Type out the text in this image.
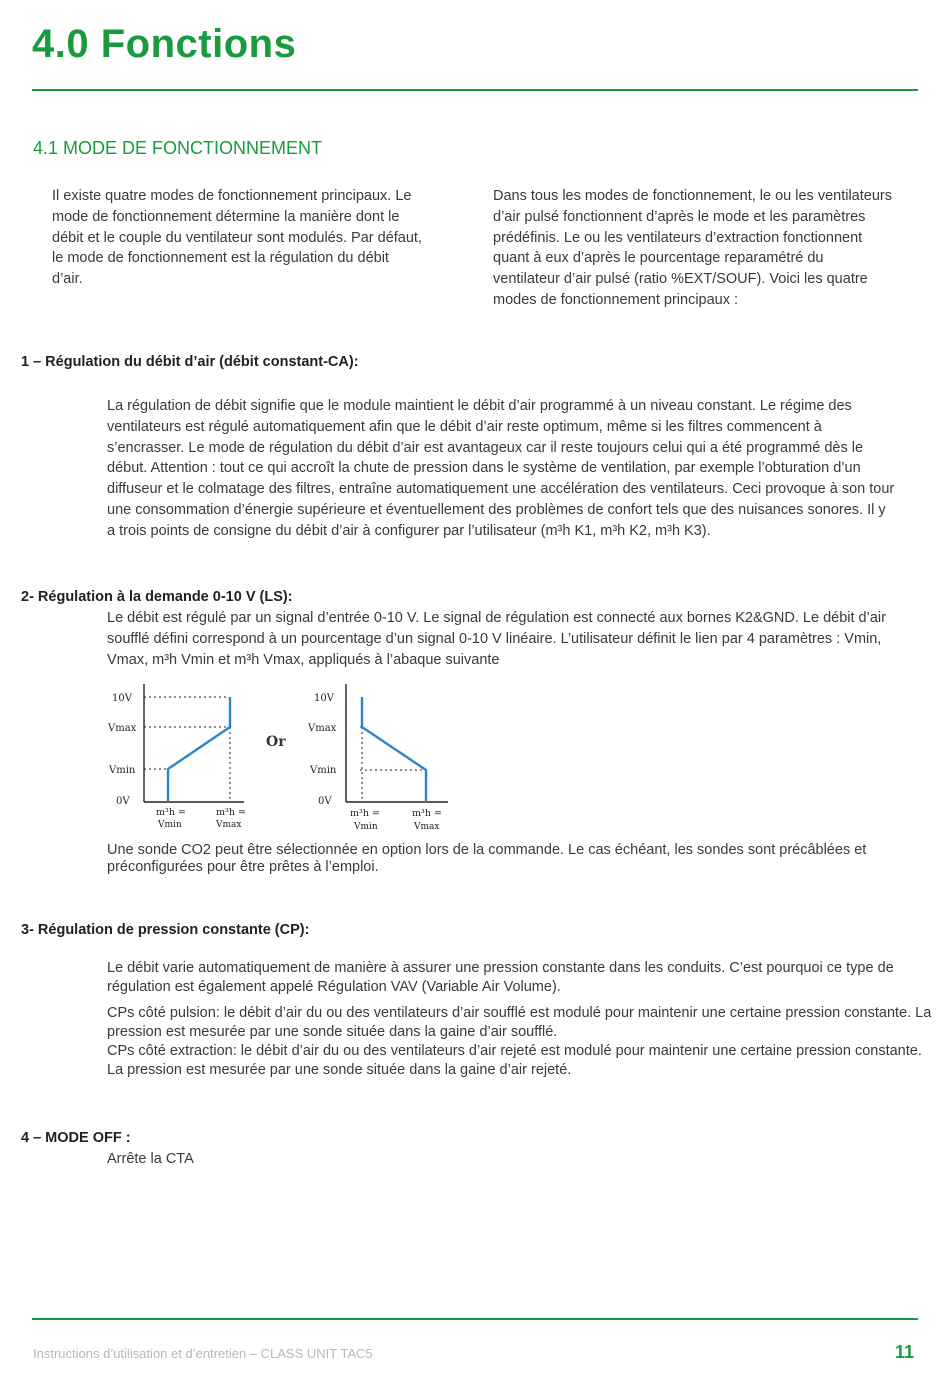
4.0 Fonctions
4.1 MODE DE FONCTIONNEMENT

Il existe quatre modes de fonctionnement principaux. Le mode de fonctionnement détermine la manière dont le débit et le couple du ventilateur sont modulés. Par défaut, le mode de fonctionnement est la régulation du débit d’air.

Dans tous les modes de fonctionnement, le ou les ventilateurs d’air pulsé fonctionnent d’après le mode et les paramètres prédéfinis. Le ou les ventilateurs d’extraction fonctionnent quant à eux d’après le pourcentage reparamétré du ventilateur d’air pulsé (ratio %EXT/SOUF). Voici les quatre modes de fonctionnement principaux :

1 – Régulation du débit d’air (débit constant-CA):

La régulation de débit signifie que le module maintient le débit d’air programmé à un niveau constant. Le régime des ventilateurs est régulé automatiquement afin que le débit d’air reste optimum, même si les filtres commencent à s’encrasser. Le mode de régulation du débit d’air est avantageux car il reste toujours celui qui a été programmé dès le début. Attention : tout ce qui accroît la chute de pression dans le système de ventilation, par exemple l’obturation d’un diffuseur et le colmatage des filtres, entraîne automatiquement une accélération des ventilateurs. Ceci provoque à son tour une consommation d’énergie supérieure et éventuellement des problèmes de confort tels que des nuisances sonores. Il y a trois points de consigne du débit d’air à configurer par l’utilisateur (m³h K1, m³h K2, m³h K3).

2- Régulation à la demande 0-10 V (LS):

Le débit est régulé par un signal d’entrée 0-10 V. Le signal de régulation est connecté aux bornes K2&GND. Le débit d’air soufflé défini correspond à un pourcentage d’un signal 0-10 V linéaire. L’utilisateur définit le lien par 4 paramètres : Vmin, Vmax, m³h Vmin et m³h Vmax, appliqués à l’abaque suivante

10V
Vmax
Vmin
0V
m³h =
Vmin
m³h =
Vmax
Or
10V
Vmax
Vmin
0V
m³h =
Vmin
m³h =
Vmax

Une sonde CO2 peut être sélectionnée en option lors de la commande. Le cas échéant, les sondes sont précâblées et préconfigurées pour être prêtes à l’emploi.

3- Régulation de pression constante (CP):

Le débit varie automatiquement de manière à assurer une pression constante dans les conduits. C’est pourquoi ce type de régulation est également appelé Régulation VAV (Variable Air Volume).

CPs côté pulsion: le débit d’air du ou des ventilateurs d’air soufflé est modulé pour maintenir une certaine pression constante. La pression est mesurée par une sonde située dans la gaine d’air soufflé.

CPs côté extraction: le débit d’air du ou des ventilateurs d’air rejeté est modulé pour maintenir une certaine pression constante. La pression est mesurée par une sonde située dans la gaine d’air rejeté.

4 – MODE OFF :

Arrête la CTA

Instructions d’utilisation et d’entretien – CLASS UNIT TAC5	11
